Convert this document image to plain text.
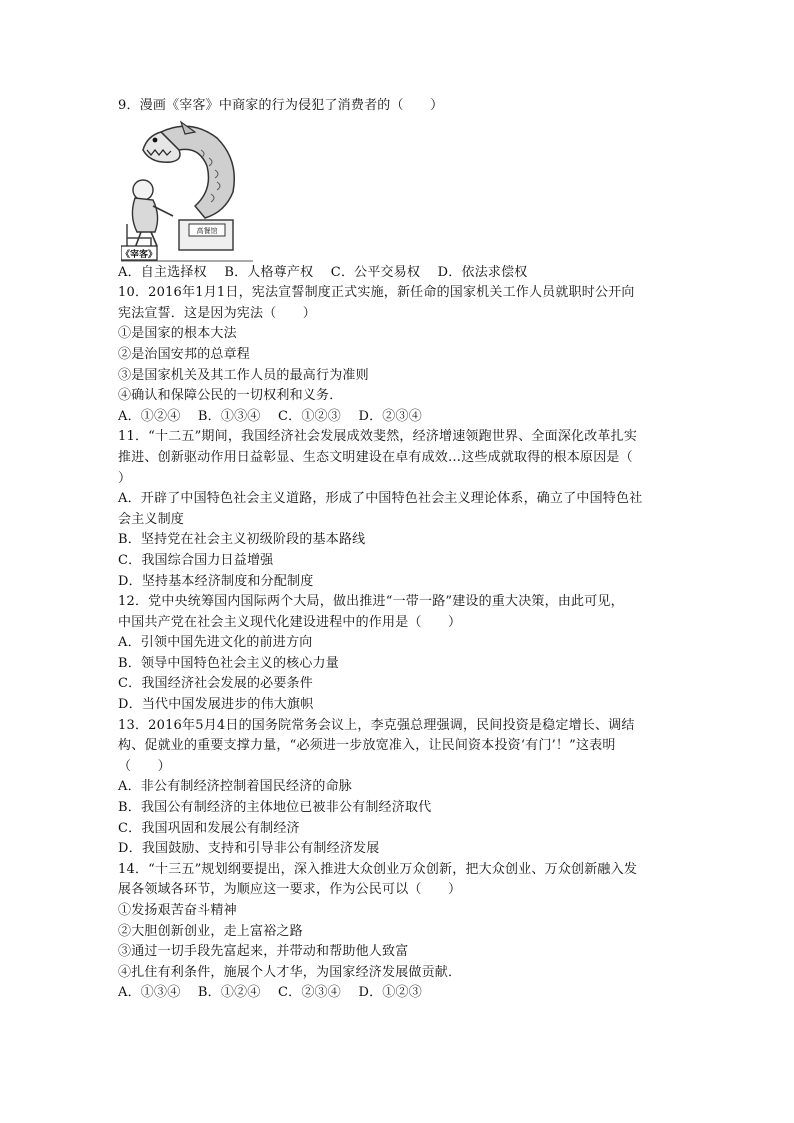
9．漫画《宰客》中商家的行为侵犯了消费者的（　　）
高餐馆
《宰客》
A．自主选择权　 B．人格尊产权　 C．公平交易权　 D．依法求偿权
10．2016年1月1日，宪法宣誓制度正式实施，新任命的国家机关工作人员就职时公开向
宪法宣誓．这是因为宪法（　　）
①是国家的根本大法
②是治国安邦的总章程
③是国家机关及其工作人员的最高行为准则
④确认和保障公民的一切权利和义务．
A．①②④　 B．①③④　 C．①②③　 D．②③④
11．“十二五”期间，我国经济社会发展成效斐然，经济增速领跑世界、全面深化改革扎实
推进、创新驱动作用日益彰显、生态文明建设在卓有成效…这些成就取得的根本原因是（
）
A．开辟了中国特色社会主义道路，形成了中国特色社会主义理论体系，确立了中国特色社
会主义制度
B．坚持党在社会主义初级阶段的基本路线
C．我国综合国力日益增强
D．坚持基本经济制度和分配制度
12．党中央统筹国内国际两个大局，做出推进“一带一路”建设的重大决策，由此可见，
中国共产党在社会主义现代化建设进程中的作用是（　　）
A．引领中国先进文化的前进方向
B．领导中国特色社会主义的核心力量
C．我国经济社会发展的必要条件
D．当代中国发展进步的伟大旗帜
13．2016年5月4日的国务院常务会议上，李克强总理强调，民间投资是稳定增长、调结
构、促就业的重要支撑力量，“必须进一步放宽准入，让民间资本投资‘有门’！”这表明
（　　）
A．非公有制经济控制着国民经济的命脉
B．我国公有制经济的主体地位已被非公有制经济取代
C．我国巩固和发展公有制经济
D．我国鼓励、支持和引导非公有制经济发展
14．“十三五”规划纲要提出，深入推进大众创业万众创新，把大众创业、万众创新融入发
展各领域各环节，为顺应这一要求，作为公民可以（　　）
①发扬艰苦奋斗精神
②大胆创新创业，走上富裕之路
③通过一切手段先富起来，并带动和帮助他人致富
④扎住有利条件，施展个人才华，为国家经济发展做贡献．
A．①③④　 B．①②④　 C．②③④　 D．①②③
